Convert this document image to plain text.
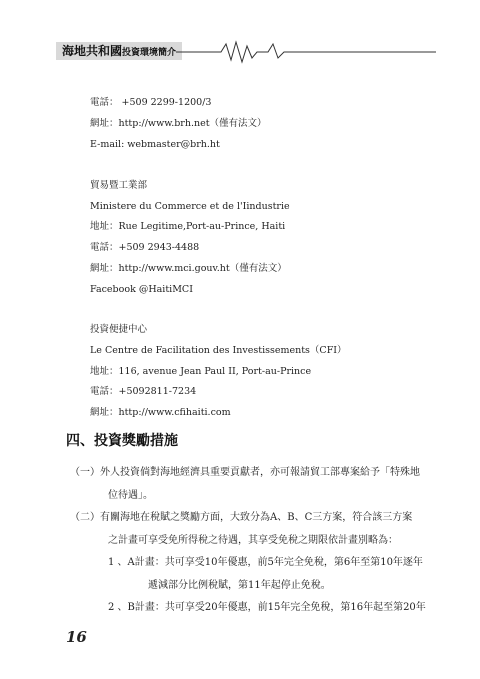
海地共和國投資環境簡介
電話： +509 2299-1200/3
網址：http://www.brh.net（僅有法文）
E-mail: webmaster@brh.ht
貿易暨工業部
Ministere du Commerce et de l'Iindustrie
地址：Rue Legitime,Port-au-Prince, Haiti
電話：+509 2943-4488
網址：http://www.mci.gouv.ht（僅有法文）
Facebook @HaitiMCI
投資便捷中心
Le Centre de Facilitation des Investissements（CFI）
地址：116, avenue Jean Paul II, Port-au-Prince
電話：+5092811-7234
網址：http://www.cfihaiti.com
四、投資獎勵措施
（一）外人投資倘對海地經濟具重要貢獻者，亦可報請貿工部專案給予「特殊地
位待遇」。
（二）有關海地在稅賦之獎勵方面，大致分為A、B、C三方案，符合該三方案
之計畫可享受免所得稅之待遇，其享受免稅之期限依計畫別略為：
1 、A計畫：共可享受10年優惠，前5年完全免稅，第6年至第10年逐年
遞減部分比例稅賦，第11年起停止免稅。
2 、B計畫：共可享受20年優惠，前15年完全免稅，第16年起至第20年
16
